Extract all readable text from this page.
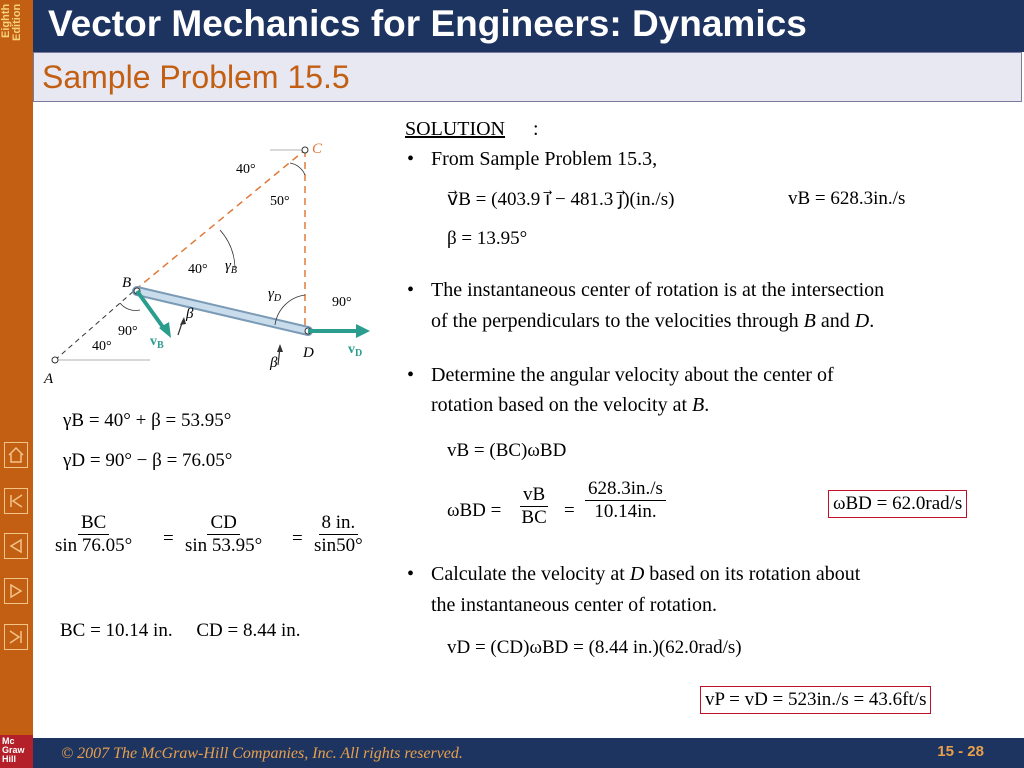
Eighth Edition
Mc Graw Hill
Vector Mechanics for Engineers: Dynamics
Sample Problem 15.5
C
B
A
D
$v_B$	$v_D$
40°
50°
40° $\gamma_B$
$\gamma_D$	90°
90°
40°
β
β
γB = 40° + β = 53.95°
γD = 90° − β = 76.05°
$\frac{BC}{\sin 76.05^\circ} = \frac{CD}{\sin 53.95^\circ} = \frac{8 in.}{\sin 50^\circ}$
BC = 10.14 in.     CD = 8.44 in.
SOLUTION :
• From Sample Problem 15.3,
v⃗B = (403.9 i⃗ − 481.3 j⃗)(in./s)	vB = 628.3in./s
β = 13.95°
• The instantaneous center of rotation is at the intersection
of the perpendiculars to the velocities through B and D.
• Determine the angular velocity about the center of
rotation based on the velocity at B.
vB = (BC)ωBD
$\omega BD = \frac{vB}{BC} = \frac{628.3in./s}{10.14in.}$	ωBD = 62.0rad/s
• Calculate the velocity at D based on its rotation about
the instantaneous center of rotation.
vD = (CD)ωBD = (8.44 in.)(62.0rad/s)
vP = vD = 523in./s = 43.6ft/s
© 2007 The McGraw-Hill Companies, Inc. All rights reserved.	15 - 28
